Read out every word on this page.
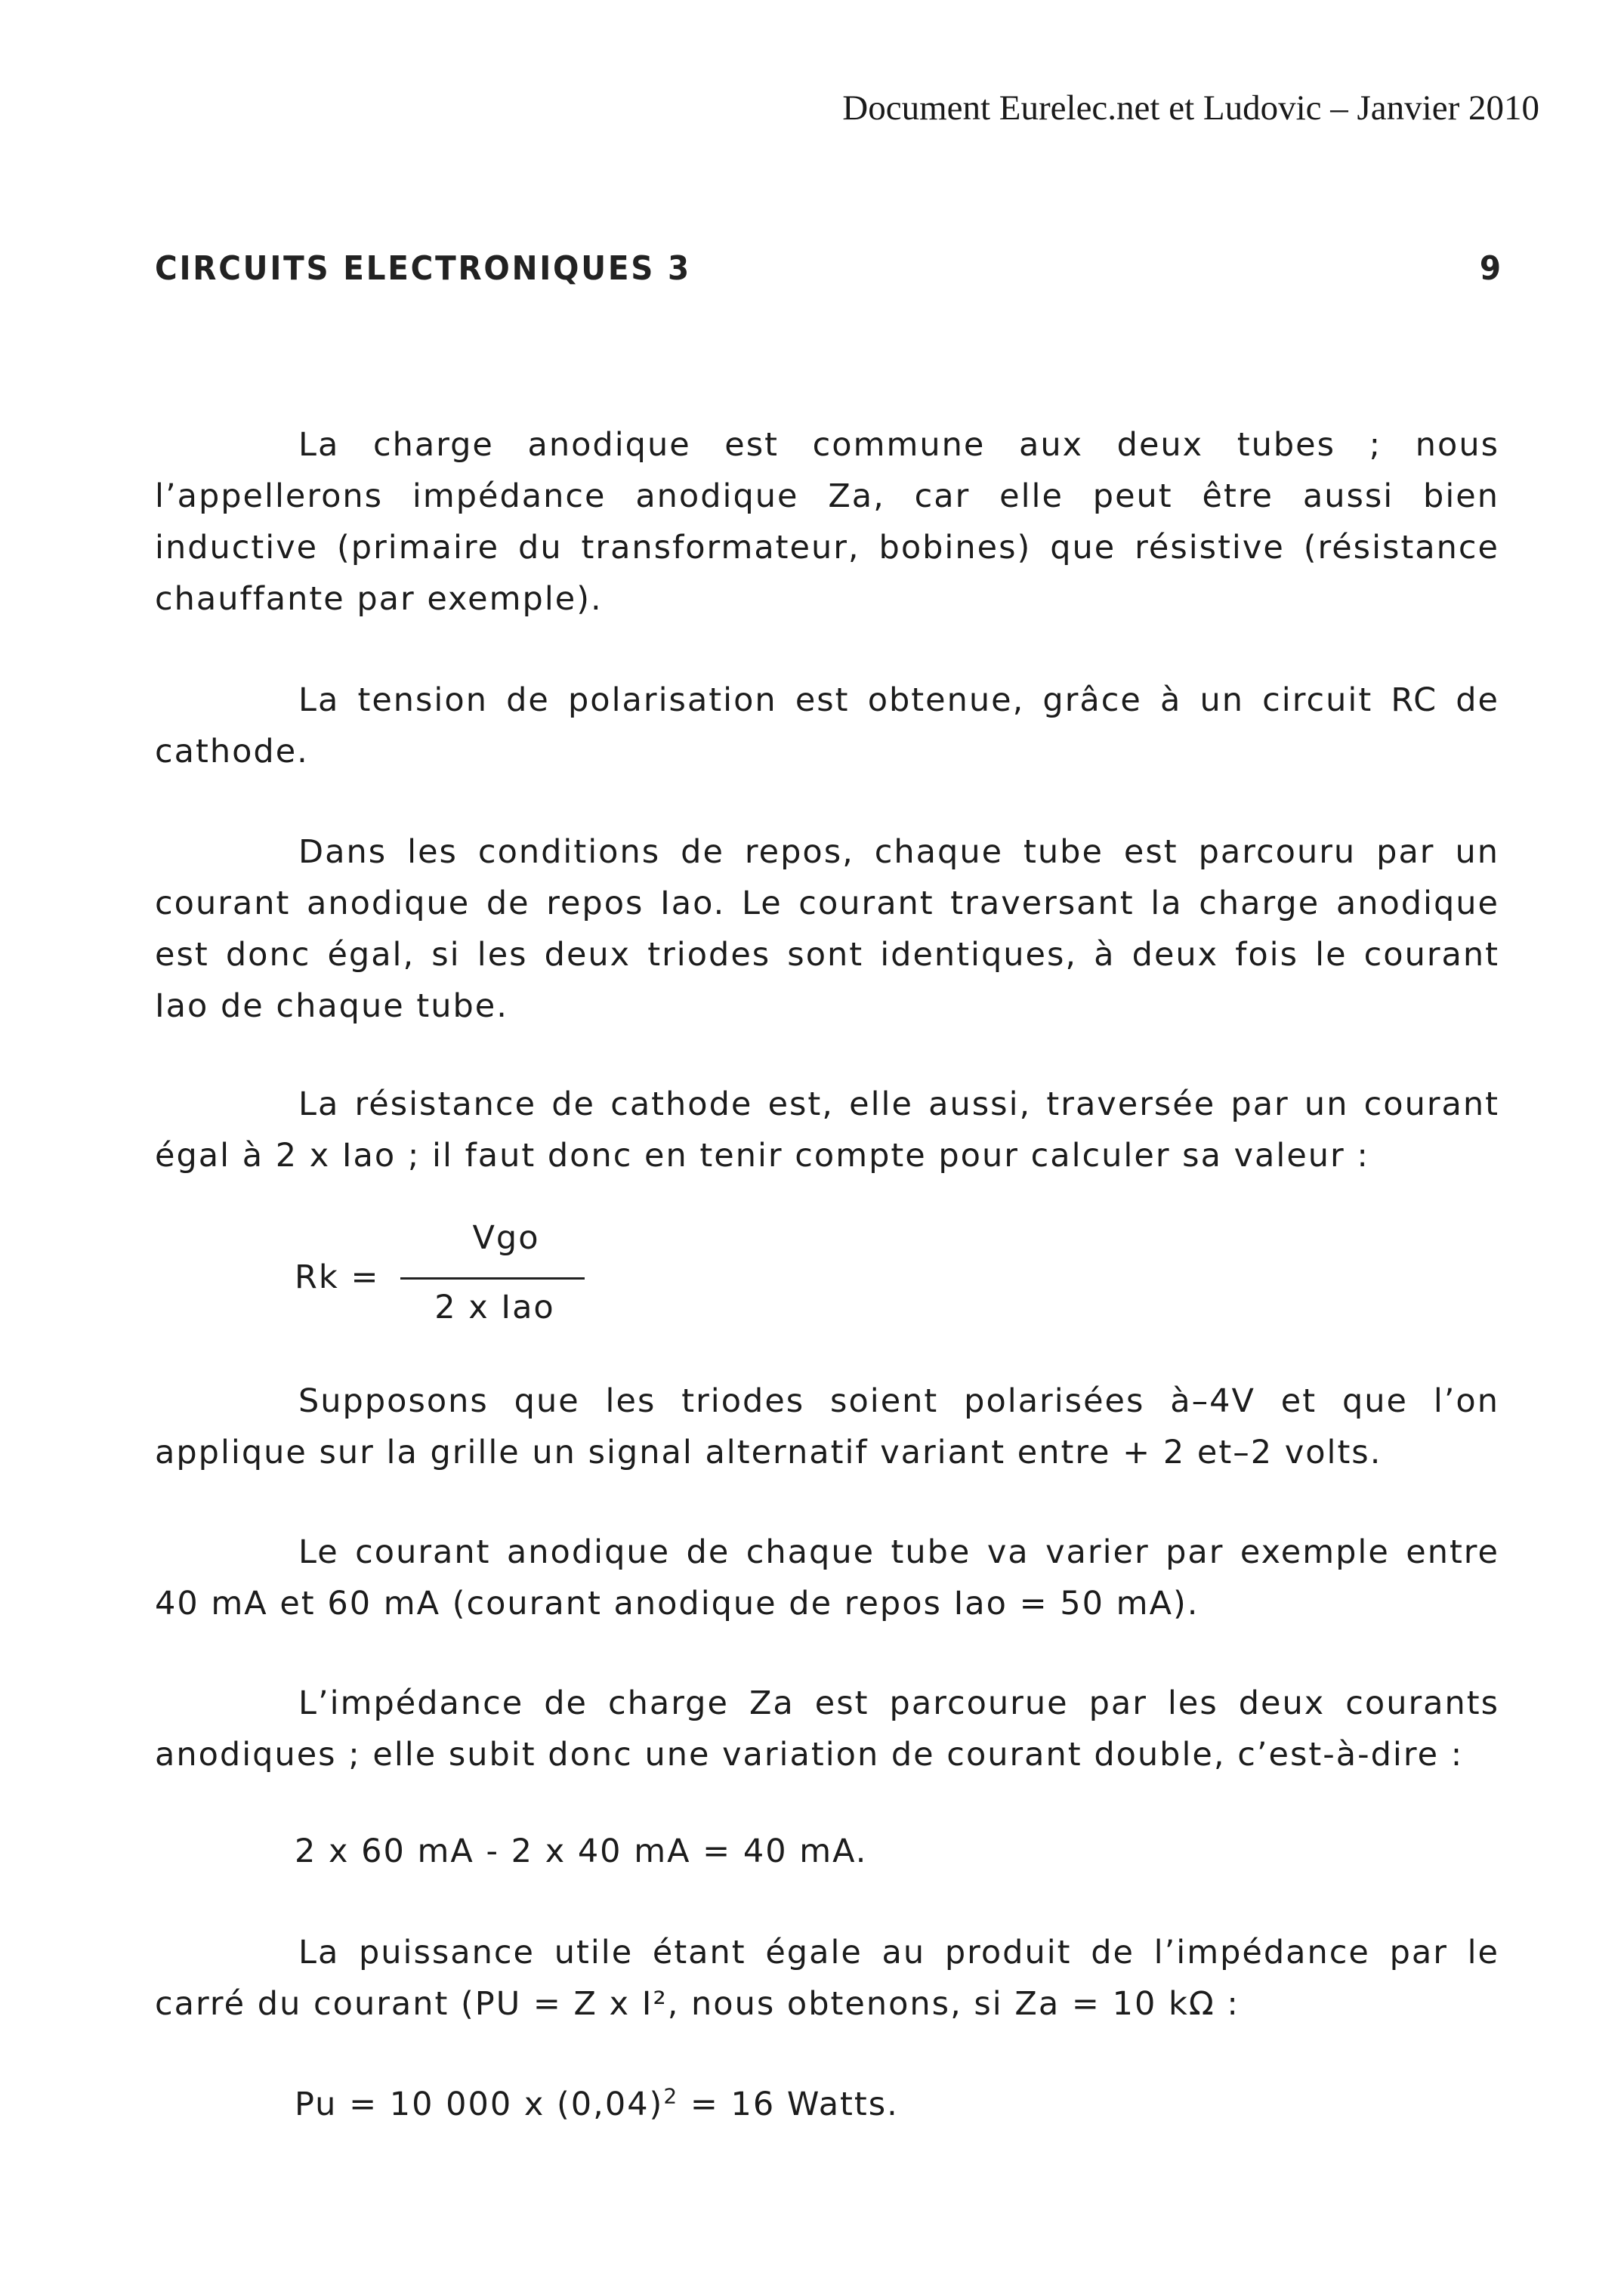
Document Eurelec.net et Ludovic – Janvier 2010
CIRCUITS ELECTRONIQUES 3	9

La charge anodique est commune aux deux tubes ; nous l’appellerons impédance anodique Za, car elle peut être aussi bien inductive (primaire du transformateur, bobines) que résistive (résistance chauffante par exemple).

La tension de polarisation est obtenue, grâce à un circuit RC de cathode.

Dans les conditions de repos, chaque tube est parcouru par un courant anodique de repos Iao. Le courant traversant la charge anodique est donc égal, si les deux triodes sont identiques, à deux fois le courant Iao de chaque tube.

La résistance de cathode est, elle aussi, traversée par un courant égal à 2 x Iao ; il faut donc en tenir compte pour calculer sa valeur :

Rk =
Vgo
2 x Iao

Supposons que les triodes soient polarisées à–4V et que l’on applique sur la grille un signal alternatif variant entre + 2 et–2 volts.

Le courant anodique de chaque tube va varier par exemple entre 40 mA et 60 mA (courant anodique de repos Iao = 50 mA).

L’impédance de charge Za est parcourue par les deux courants anodiques ; elle subit donc une variation de courant double, c’est-à-dire :

2 x 60 mA - 2 x 40 mA = 40 mA.

La puissance utile étant égale au produit de l’impédance par le carré du courant (PU = Z x I², nous obtenons, si Za = 10 kΩ :

Pu = 10 000 x $(0,04)^2 = 16$ Watts.
